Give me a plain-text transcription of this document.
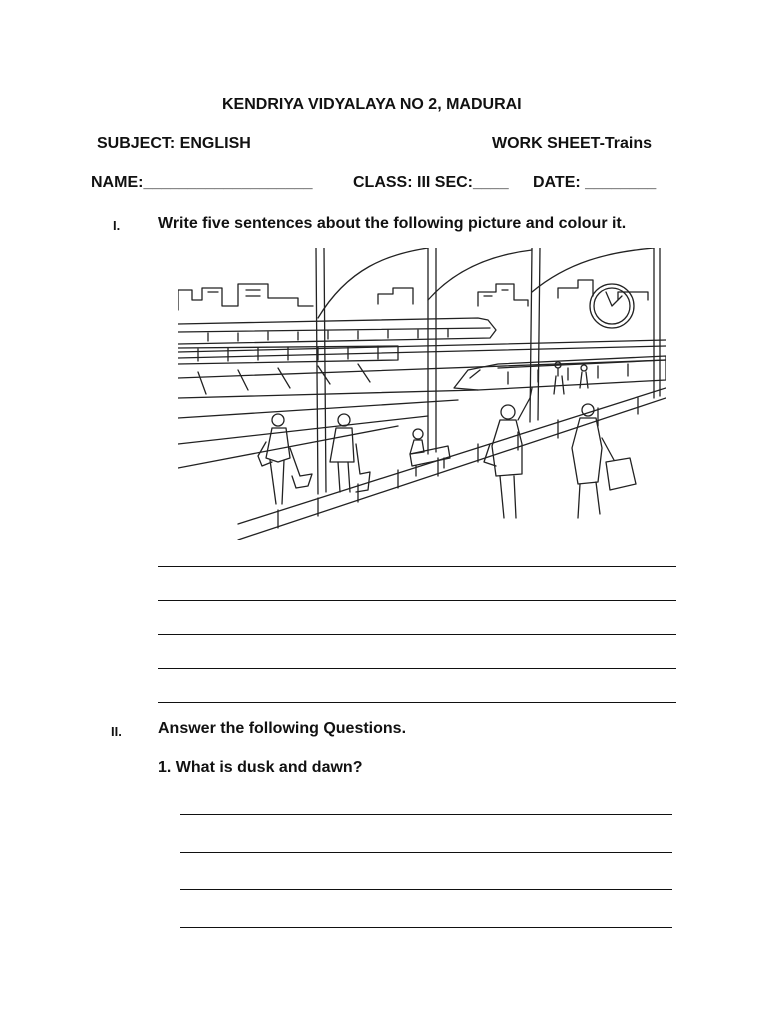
KENDRIYA VIDYALAYA NO 2, MADURAI
SUBJECT: ENGLISH	WORK SHEET-Trains
NAME:___________________	CLASS: III SEC:____ DATE: ________
I. Write five sentences about the following picture and colour it.
II. Answer the following Questions.
1. What is dusk and dawn?
